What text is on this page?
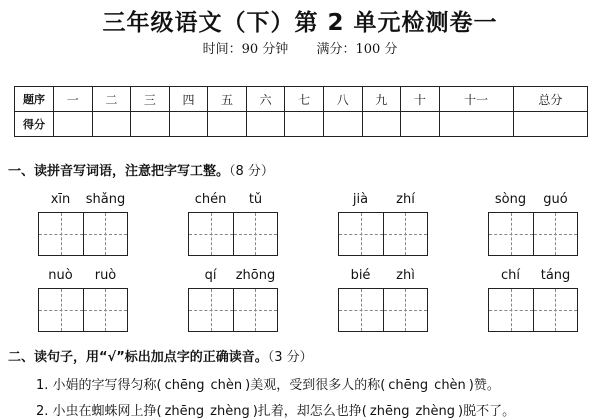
三年级语文（下）第 2 单元检测卷一
时间：90 分钟 满分：100 分
题序	一	二	三	四	五	六	七	八	九	十	十一	总分
得分												
一、读拼音写词语，注意把字写工整。（8 分）
xīn	shǎng	chén	tǔ	jià	zhí	sòng	guó
nuò	ruò	qí	zhōng	bié	zhì	chí	táng
二、读句子，用“√”标出加点字的正确读音。（3 分）
1. 小娟的字写得匀称( chēng chèn )美观，受到很多人的称( chēng chèn )赞。
2. 小虫在蜘蛛网上挣( zhēng zhèng )扎着，却怎么也挣( zhēng zhèng )脱不了。
